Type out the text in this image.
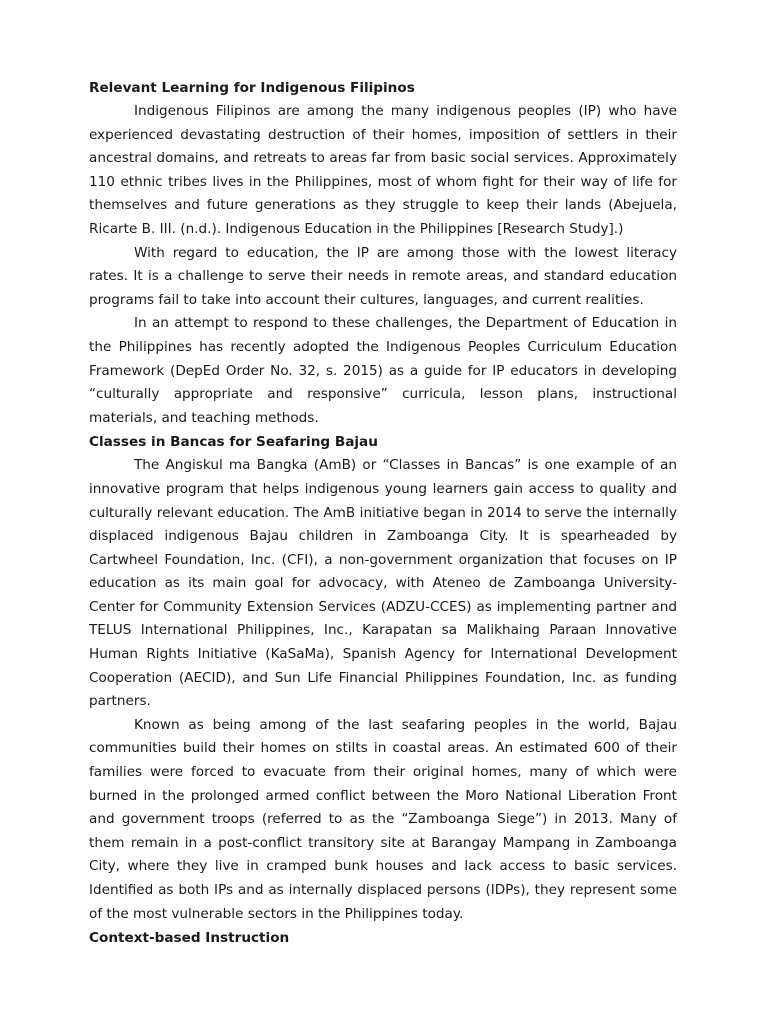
Relevant Learning for Indigenous Filipinos

Indigenous Filipinos are among the many indigenous peoples (IP) who have experienced devastating destruction of their homes, imposition of settlers in their ancestral domains, and retreats to areas far from basic social services. Approximately 110 ethnic tribes lives in the Philippines, most of whom fight for their way of life for themselves and future generations as they struggle to keep their lands (Abejuela, Ricarte B. III. (n.d.). Indigenous Education in the Philippines [Research Study].)

With regard to education, the IP are among those with the lowest literacy rates. It is a challenge to serve their needs in remote areas, and standard education programs fail to take into account their cultures, languages, and current realities.

In an attempt to respond to these challenges, the Department of Education in the Philippines has recently adopted the Indigenous Peoples Curriculum Education Framework (DepEd Order No. 32, s. 2015) as a guide for IP educators in developing “culturally appropriate and responsive” curricula, lesson plans, instructional materials, and teaching methods.

Classes in Bancas for Seafaring Bajau

The Angiskul ma Bangka (AmB) or “Classes in Bancas” is one example of an innovative program that helps indigenous young learners gain access to quality and culturally relevant education. The AmB initiative began in 2014 to serve the internally displaced indigenous Bajau children in Zamboanga City. It is spearheaded by Cartwheel Foundation, Inc. (CFI), a non-government organization that focuses on IP education as its main goal for advocacy, with Ateneo de Zamboanga University-Center for Community Extension Services (ADZU-CCES) as implementing partner and TELUS International Philippines, Inc., Karapatan sa Malikhaing Paraan Innovative Human Rights Initiative (KaSaMa), Spanish Agency for International Development Cooperation (AECID), and Sun Life Financial Philippines Foundation, Inc. as funding partners.

Known as being among of the last seafaring peoples in the world, Bajau communities build their homes on stilts in coastal areas. An estimated 600 of their families were forced to evacuate from their original homes, many of which were burned in the prolonged armed conflict between the Moro National Liberation Front and government troops (referred to as the “Zamboanga Siege”) in 2013. Many of them remain in a post-conflict transitory site at Barangay Mampang in Zamboanga City, where they live in cramped bunk houses and lack access to basic services. Identified as both IPs and as internally displaced persons (IDPs), they represent some of the most vulnerable sectors in the Philippines today.

Context-based Instruction
